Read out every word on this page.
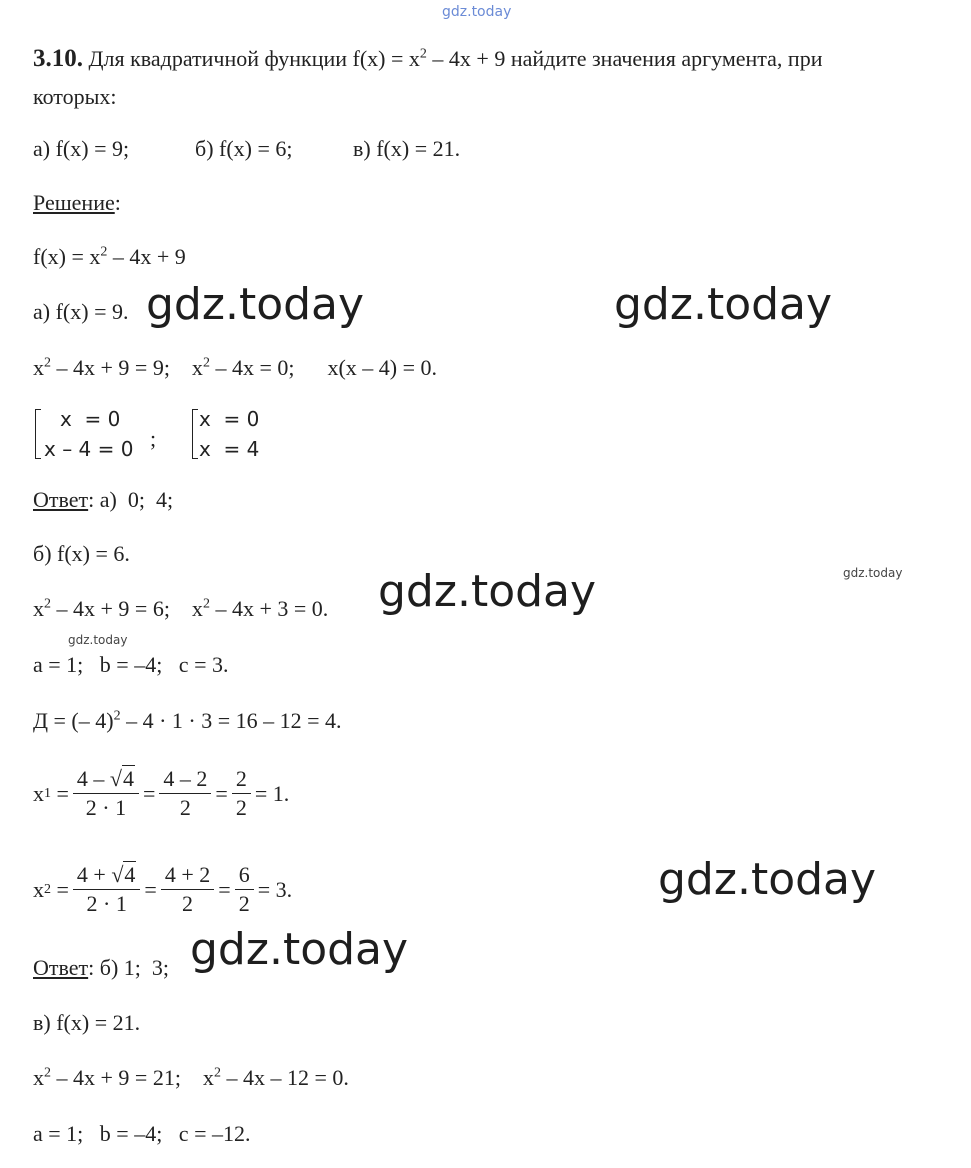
gdz.today
gdz.today	gdz.today
gdz.today	gdz.today
gdz.today
gdz.today
gdz.today
3.10. Для квадратичной функции $f(x) = x^2 - 4x + 9$ найдите значения аргумента, при
которых:
а) f(x) = 9;	б) f(x) = 6;	в) f(x) = 21.
Решение:
$f(x) = x^2 - 4x + 9$
а) f(x) = 9.
$x^2 - 4x + 9 = 9$;    $x^2 - 4x = 0$;      x(x – 4) = 0.
x  = 0
x – 4 = 0 ;
x  = 0
x  = 4
Ответ: а)  0;  4;
б) f(x) = 6.
$x^2 - 4x + 9 = 6$;    $x^2 - 4x + 3 = 0$.
a = 1;   b = –4;   c = 3.
Д = (– 4)$^2$ – 4 · 1 · 3 = 16 – 12 = 4.
x $1 = \frac{4 - √4}{2 \cdot 1} = \frac{4 - 2}{2} = \frac{2}{2} = 1$.
x $2 = \frac{4 + √4}{2 \cdot 1} = \frac{4 + 2}{2} = \frac{6}{2} = 3$.
Ответ: б) 1;  3;
в) f(x) = 21.
$x^2 - 4x + 9 = 21$;    $x^2 - 4x - 12 = 0$.
a = 1;   b = –4;   c = –12.
